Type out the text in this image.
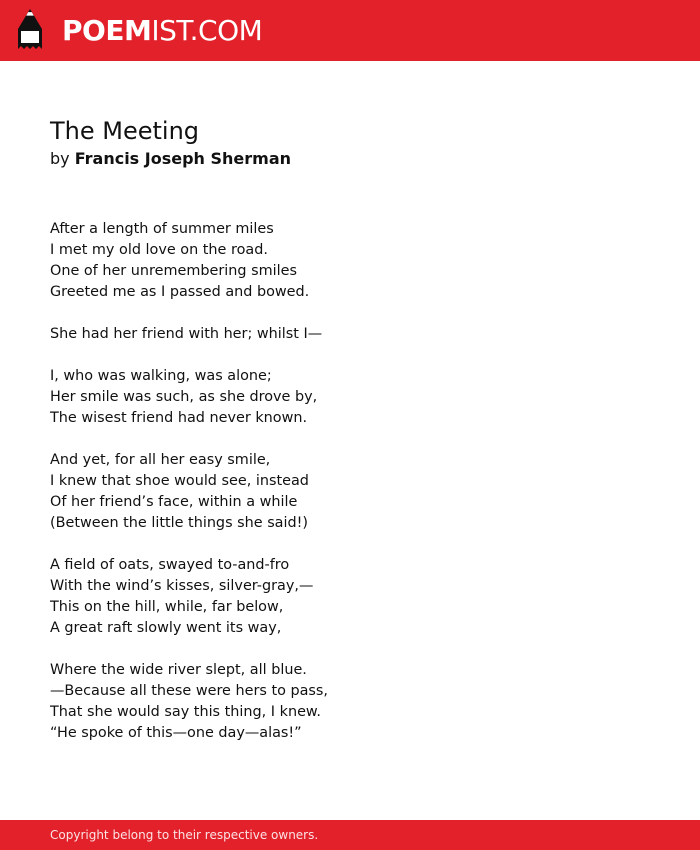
POEMIST.COM
The Meeting
by Francis Joseph Sherman
After a length of summer miles
I met my old love on the road.
One of her unremembering smiles
Greeted me as I passed and bowed.
She had her friend with her; whilst I—
I, who was walking, was alone;
Her smile was such, as she drove by,
The wisest friend had never known.
And yet, for all her easy smile,
I knew that shoe would see, instead
Of her friend’s face, within a while
(Between the little things she said!)
A field of oats, swayed to-and-fro
With the wind’s kisses, silver-gray,—
This on the hill, while, far below,
A great raft slowly went its way,
Where the wide river slept, all blue.
—Because all these were hers to pass,
That she would say this thing, I knew.
“He spoke of this—one day—alas!”
Copyright belong to their respective owners.
